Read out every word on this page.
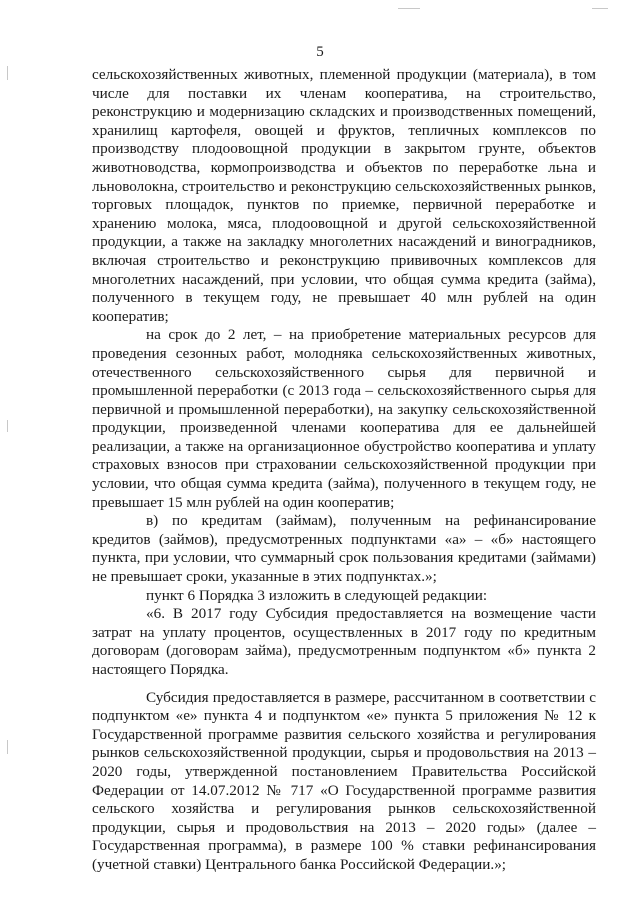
5

сельскохозяйственных животных, племенной продукции (материала), в том числе для поставки их членам кооператива, на строительство, реконструкцию и модернизацию складских и производственных помещений, хранилищ картофеля, овощей и фруктов, тепличных комплексов по производству плодоовощной продукции в закрытом грунте, объектов животноводства, кормопроизводства и объектов по переработке льна и льноволокна, строительство и реконструкцию сельскохозяйственных рынков, торговых площадок, пунктов по приемке, первичной переработке и хранению молока, мяса, плодоовощной и другой сельскохозяйственной продукции, а также на закладку многолетних насаждений и виноградников, включая строительство и реконструкцию прививочных комплексов для многолетних насаждений, при условии, что общая сумма кредита (займа), полученного в текущем году, не превышает 40 млн рублей на один кооператив;

на срок до 2 лет, – на приобретение материальных ресурсов для проведения сезонных работ, молодняка сельскохозяйственных животных, отечественного сельскохозяйственного сырья для первичной и промышленной переработки (с 2013 года – сельскохозяйственного сырья для первичной и промышленной переработки), на закупку сельскохозяйственной продукции, произведенной членами кооператива для ее дальнейшей реализации, а также на организационное обустройство кооператива и уплату страховых взносов при страховании сельскохозяйственной продукции при условии, что общая сумма кредита (займа), полученного в текущем году, не превышает 15 млн рублей на один кооператив;

в) по кредитам (займам), полученным на рефинансирование кредитов (займов), предусмотренных подпунктами «а» – «б» настоящего пункта, при условии, что суммарный срок пользования кредитами (займами) не превышает сроки, указанные в этих подпунктах.»;

пункт 6 Порядка 3 изложить в следующей редакции:

«6. В 2017 году Субсидия предоставляется на возмещение части затрат на уплату процентов, осуществленных в 2017 году по кредитным договорам (договорам займа), предусмотренным подпунктом «б» пункта 2 настоящего Порядка.

Субсидия предоставляется в размере, рассчитанном в соответствии с подпунктом «е» пункта 4 и подпунктом «е» пункта 5 приложения № 12 к Государственной программе развития сельского хозяйства и регулирования рынков сельскохозяйственной продукции, сырья и продовольствия на 2013 – 2020 годы, утвержденной постановлением Правительства Российской Федерации от 14.07.2012 № 717 «О Государственной программе развития сельского хозяйства и регулирования рынков сельскохозяйственной продукции, сырья и продовольствия на 2013 – 2020 годы» (далее – Государственная программа), в размере 100 % ставки рефинансирования (учетной ставки) Центрального банка Российской Федерации.»;
